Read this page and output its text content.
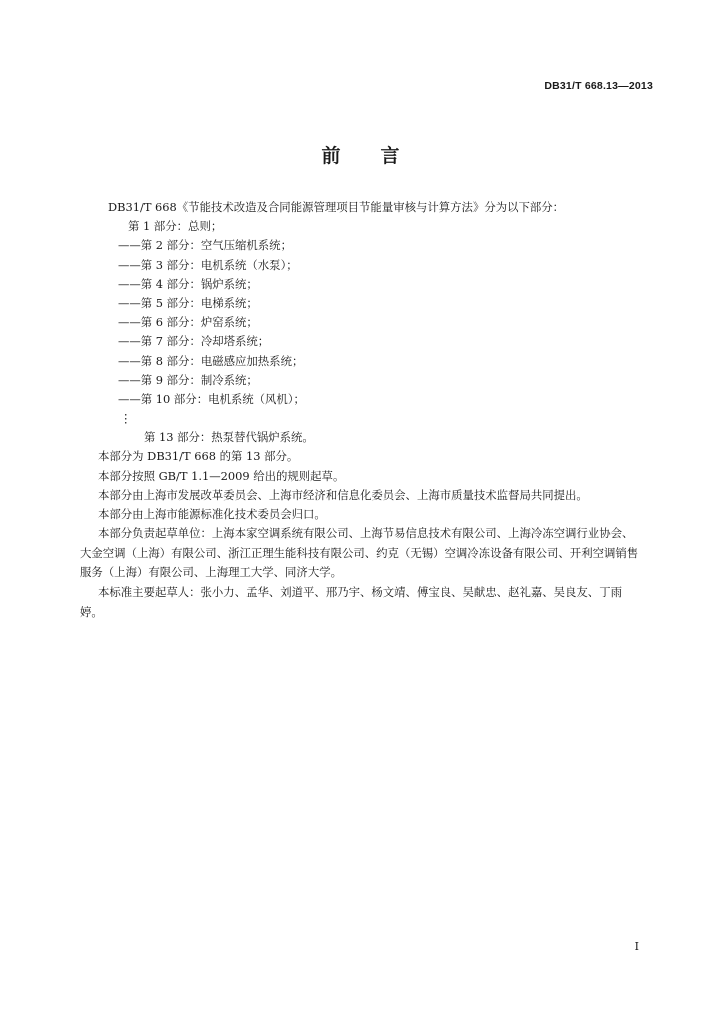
DB31/T 668.13—2013
前 言
DB31/T 668《节能技术改造及合同能源管理项目节能量审核与计算方法》分为以下部分：
第 1 部分：总则；
——第 2 部分：空气压缩机系统；
——第 3 部分：电机系统（水泵）；
——第 4 部分：锅炉系统；
——第 5 部分：电梯系统；
——第 6 部分：炉窑系统；
——第 7 部分：冷却塔系统；
——第 8 部分：电磁感应加热系统；
——第 9 部分：制冷系统；
——第 10 部分：电机系统（风机）；
⋮
第 13 部分：热泵替代锅炉系统。
本部分为 DB31/T 668 的第 13 部分。
本部分按照 GB/T 1.1—2009 给出的规则起草。
本部分由上海市发展改革委员会、上海市经济和信息化委员会、上海市质量技术监督局共同提出。
本部分由上海市能源标准化技术委员会归口。
本部分负责起草单位：上海本家空调系统有限公司、上海节易信息技术有限公司、上海冷冻空调行业协会、大金空调（上海）有限公司、浙江正理生能科技有限公司、约克（无锡）空调冷冻设备有限公司、开利空调销售服务（上海）有限公司、上海理工大学、同济大学。
本标准主要起草人：张小力、孟华、刘道平、邢乃宇、杨文靖、傅宝良、吴献忠、赵礼嘉、吴良友、丁雨婷。
I
